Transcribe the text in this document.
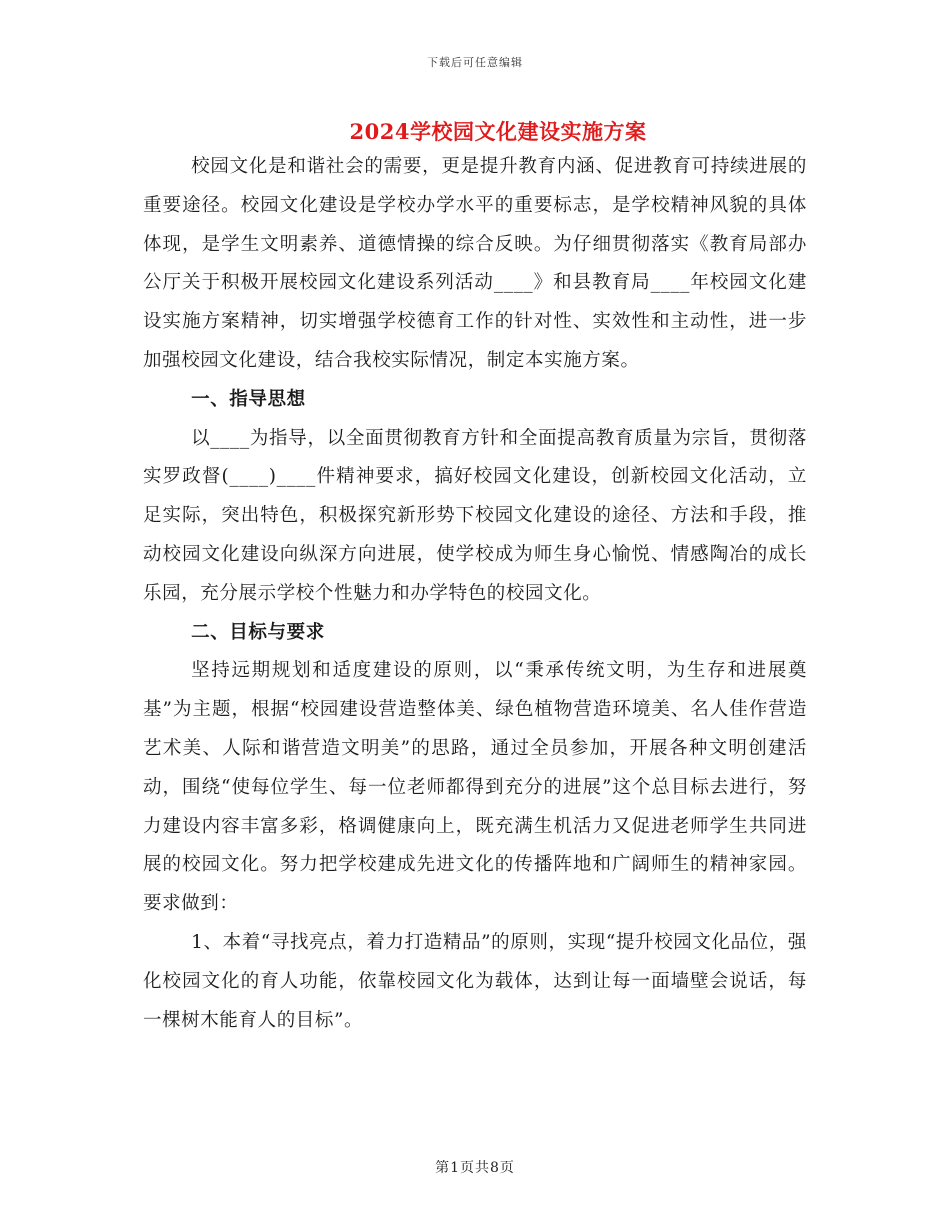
下载后可任意编辑
2024学校园文化建设实施方案

校园文化是和谐社会的需要，更是提升教育内涵、促进教育可持续进展的重要途径。校园文化建设是学校办学水平的重要标志，是学校精神风貌的具体体现，是学生文明素养、道德情操的综合反映。为仔细贯彻落实《教育局部办公厅关于积极开展校园文化建设系列活动____》和县教育局____年校园文化建设实施方案精神，切实增强学校德育工作的针对性、实效性和主动性，进一步加强校园文化建设，结合我校实际情况，制定本实施方案。

一、指导思想

以____为指导，以全面贯彻教育方针和全面提高教育质量为宗旨，贯彻落实罗政督(____)____件精神要求，搞好校园文化建设，创新校园文化活动，立足实际，突出特色，积极探究新形势下校园文化建设的途径、方法和手段，推动校园文化建设向纵深方向进展，使学校成为师生身心愉悦、情感陶冶的成长乐园，充分展示学校个性魅力和办学特色的校园文化。

二、目标与要求

坚持远期规划和适度建设的原则，以“秉承传统文明，为生存和进展奠基”为主题，根据“校园建设营造整体美、绿色植物营造环境美、名人佳作营造艺术美、人际和谐营造文明美”的思路，通过全员参加，开展各种文明创建活动，围绕“使每位学生、每一位老师都得到充分的进展”这个总目标去进行，努力建设内容丰富多彩，格调健康向上，既充满生机活力又促进老师学生共同进展的校园文化。努力把学校建成先进文化的传播阵地和广阔师生的精神家园。要求做到：

1、本着“寻找亮点，着力打造精品”的原则，实现“提升校园文化品位，强化校园文化的育人功能，依靠校园文化为载体，达到让每一面墙壁会说话，每一棵树木能育人的目标”。

第1页共8页
